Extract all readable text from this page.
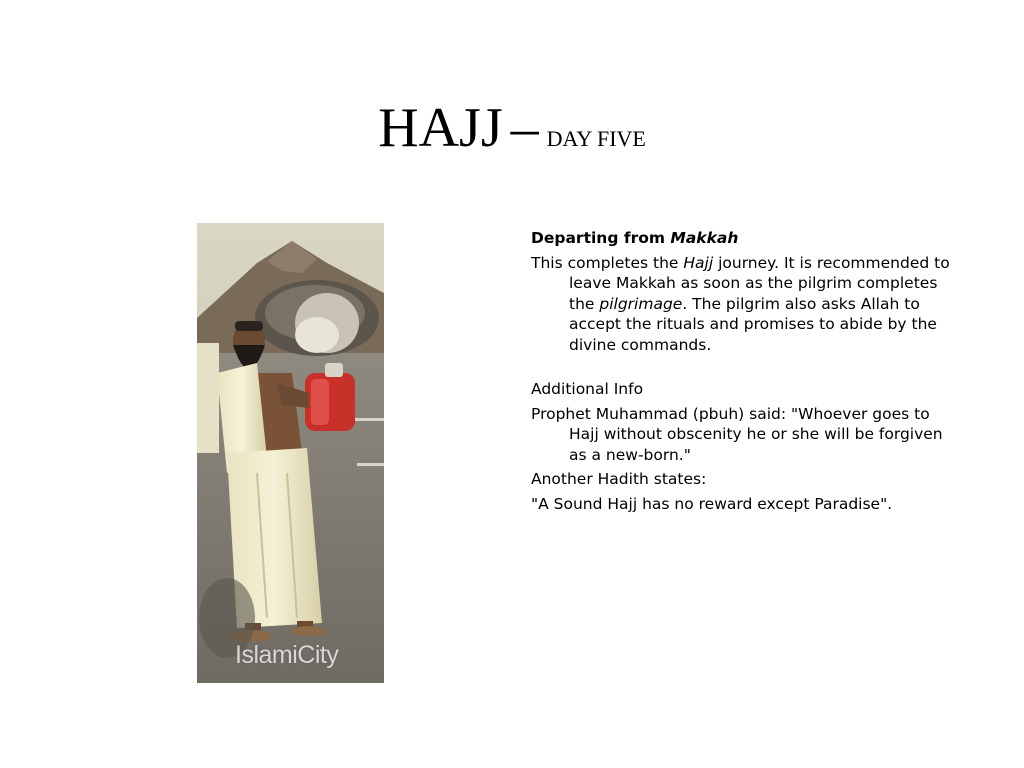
HAJJ – DAY FIVE
IslamiCity

Departing from Makkah

This completes the Hajj journey. It is recommended to leave Makkah as soon as the pilgrim completes the pilgrimage. The pilgrim also asks Allah to accept the rituals and promises to abide by the divine commands.

Additional Info

Prophet Muhammad (pbuh) said: "Whoever goes to Hajj without obscenity he or she will be forgiven as a new-born."

Another Hadith states:

"A Sound Hajj has no reward except Paradise".
